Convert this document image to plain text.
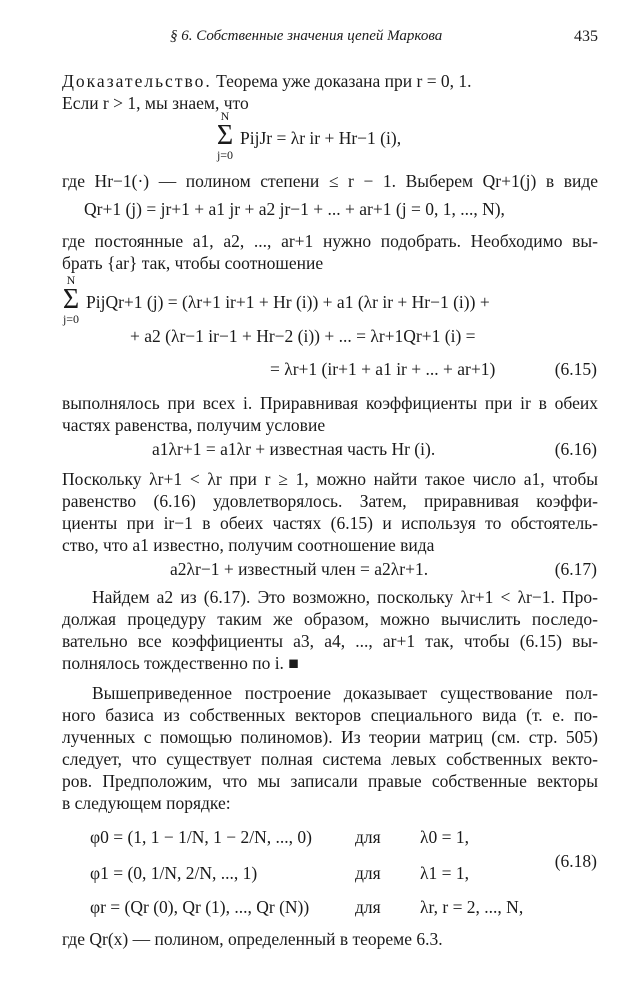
§ 6. Собственные значения цепей Маркова	435
Доказательство. Теорема уже доказана при r = 0, 1.
Если r > 1, мы знаем, что
N
Σ
j=0
PijJr = λr ir + Hr−1 (i),
где Hr−1(·) — полином степени ≤ r − 1. Выберем Qr+1(j) в виде
Qr+1 (j) = jr+1 + a1 jr + a2 jr−1 + ... + ar+1 (j = 0, 1, ..., N),
где постоянные a1, a2, ..., ar+1 нужно подобрать. Необходимо вы-
брать {ar} так, чтобы соотношение
N
Σ
j=0
PijQr+1 (j) = (λr+1 ir+1 + Hr (i)) + a1 (λr ir + Hr−1 (i)) +
+ a2 (λr−1 ir−1 + Hr−2 (i)) + ... = λr+1Qr+1 (i) =
= λr+1 (ir+1 + a1 ir + ... + ar+1)	(6.15)
выполнялось при всех i. Приравнивая коэффициенты при ir в обеих
частях равенства, получим условие
a1λr+1 = a1λr + известная часть Hr (i).	(6.16)
Поскольку λr+1 < λr при r ≥ 1, можно найти такое число a1, чтобы
равенство (6.16) удовлетворялось. Затем, приравнивая коэффи-
циенты при ir−1 в обеих частях (6.15) и используя то обстоятель-
ство, что a1 известно, получим соотношение вида
a2λr−1 + известный член = a2λr+1.	(6.17)
Найдем a2 из (6.17). Это возможно, поскольку λr+1 < λr−1. Про-
должая процедуру таким же образом, можно вычислить последо-
вательно все коэффициенты a3, a4, ..., ar+1 так, чтобы (6.15) вы-
полнялось тождественно по i. ■
Вышеприведенное построение доказывает существование пол-
ного базиса из собственных векторов специального вида (т. е. по-
лученных с помощью полиномов). Из теории матриц (см. стр. 505)
следует, что существует полная система левых собственных векто-
ров. Предположим, что мы записали правые собственные векторы
в следующем порядке:
φ0 = (1, 1 − 1/N, 1 − 2/N, ..., 0) для λ0 = 1,
φ1 = (0, 1/N, 2/N, ..., 1)	для λ1 = 1,
(6.18)
φr = (Qr (0), Qr (1), ..., Qr (N))	для λr, r = 2, ..., N,
где Qr(x) — полином, определенный в теореме 6.3.
